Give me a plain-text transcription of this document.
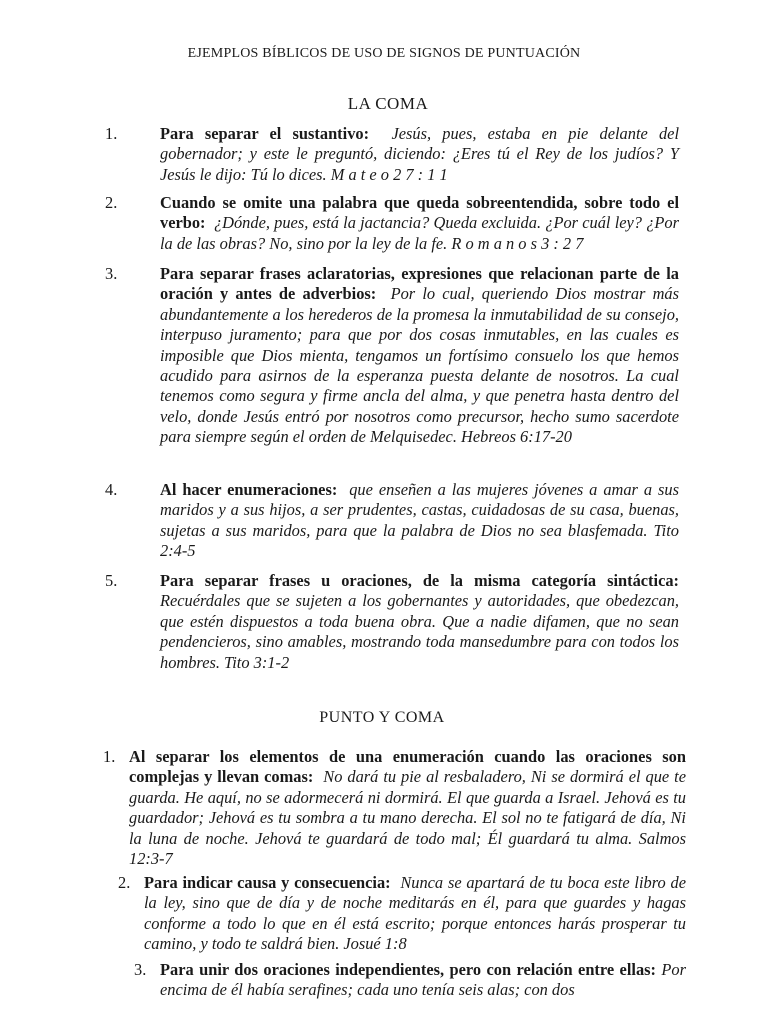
EJEMPLOS BÍBLICOS DE USO DE SIGNOS DE PUNTUACIÓN
LA COMA
1.	Para separar el sustantivo: Jesús, pues, estaba en pie delante del gobernador; y este le preguntó, diciendo: ¿Eres tú el Rey de los judíos? Y Jesús le dijo: Tú lo dices. M a t e o 2 7 : 1 1
2.	Cuando se omite una palabra que queda sobreentendida, sobre todo el verbo: ¿Dónde, pues, está la jactancia? Queda excluida. ¿Por cuál ley? ¿Por la de las obras? No, sino por la ley de la fe. R o m a n o s 3 : 2 7
3.	Para separar frases aclaratorias, expresiones que relacionan parte de la oración y antes de adverbios: Por lo cual, queriendo Dios mostrar más abundantemente a los herederos de la promesa la inmutabilidad de su consejo, interpuso juramento; para que por dos cosas inmutables, en las cuales es imposible que Dios mienta, tengamos un fortísimo consuelo los que hemos acudido para asirnos de la esperanza puesta delante de nosotros. La cual tenemos como segura y firme ancla del alma, y que penetra hasta dentro del velo, donde Jesús entró por nosotros como precursor, hecho sumo sacerdote para siempre según el orden de Melquisedec. Hebreos 6:17-20
4.	Al hacer enumeraciones: que enseñen a las mujeres jóvenes a amar a sus maridos y a sus hijos, a ser prudentes, castas, cuidadosas de su casa, buenas, sujetas a sus maridos, para que la palabra de Dios no sea blasfemada. Tito 2:4-5
5.	Para separar frases u oraciones, de la misma categoría sintáctica: Recuérdales que se sujeten a los gobernantes y autoridades, que obedezcan, que estén dispuestos a toda buena obra. Que a nadie difamen, que no sean pendencieros, sino amables, mostrando toda mansedumbre para con todos los hombres. Tito 3:1-2
PUNTO Y COMA
1. Al separar los elementos de una enumeración cuando las oraciones son complejas y llevan comas: No dará tu pie al resbaladero, Ni se dormirá el que te guarda. He aquí, no se adormecerá ni dormirá. El que guarda a Israel. Jehová es tu guardador; Jehová es tu sombra a tu mano derecha. El sol no te fatigará de día, Ni la luna de noche. Jehová te guardará de todo mal; Él guardará tu alma. Salmos 12:3-7
2. Para indicar causa y consecuencia: Nunca se apartará de tu boca este libro de la ley, sino que de día y de noche meditarás en él, para que guardes y hagas conforme a todo lo que en él está escrito; porque entonces harás prosperar tu camino, y todo te saldrá bien. Josué 1:8
3. Para unir dos oraciones independientes, pero con relación entre ellas: Por encima de él había serafines; cada uno tenía seis alas; con dos
